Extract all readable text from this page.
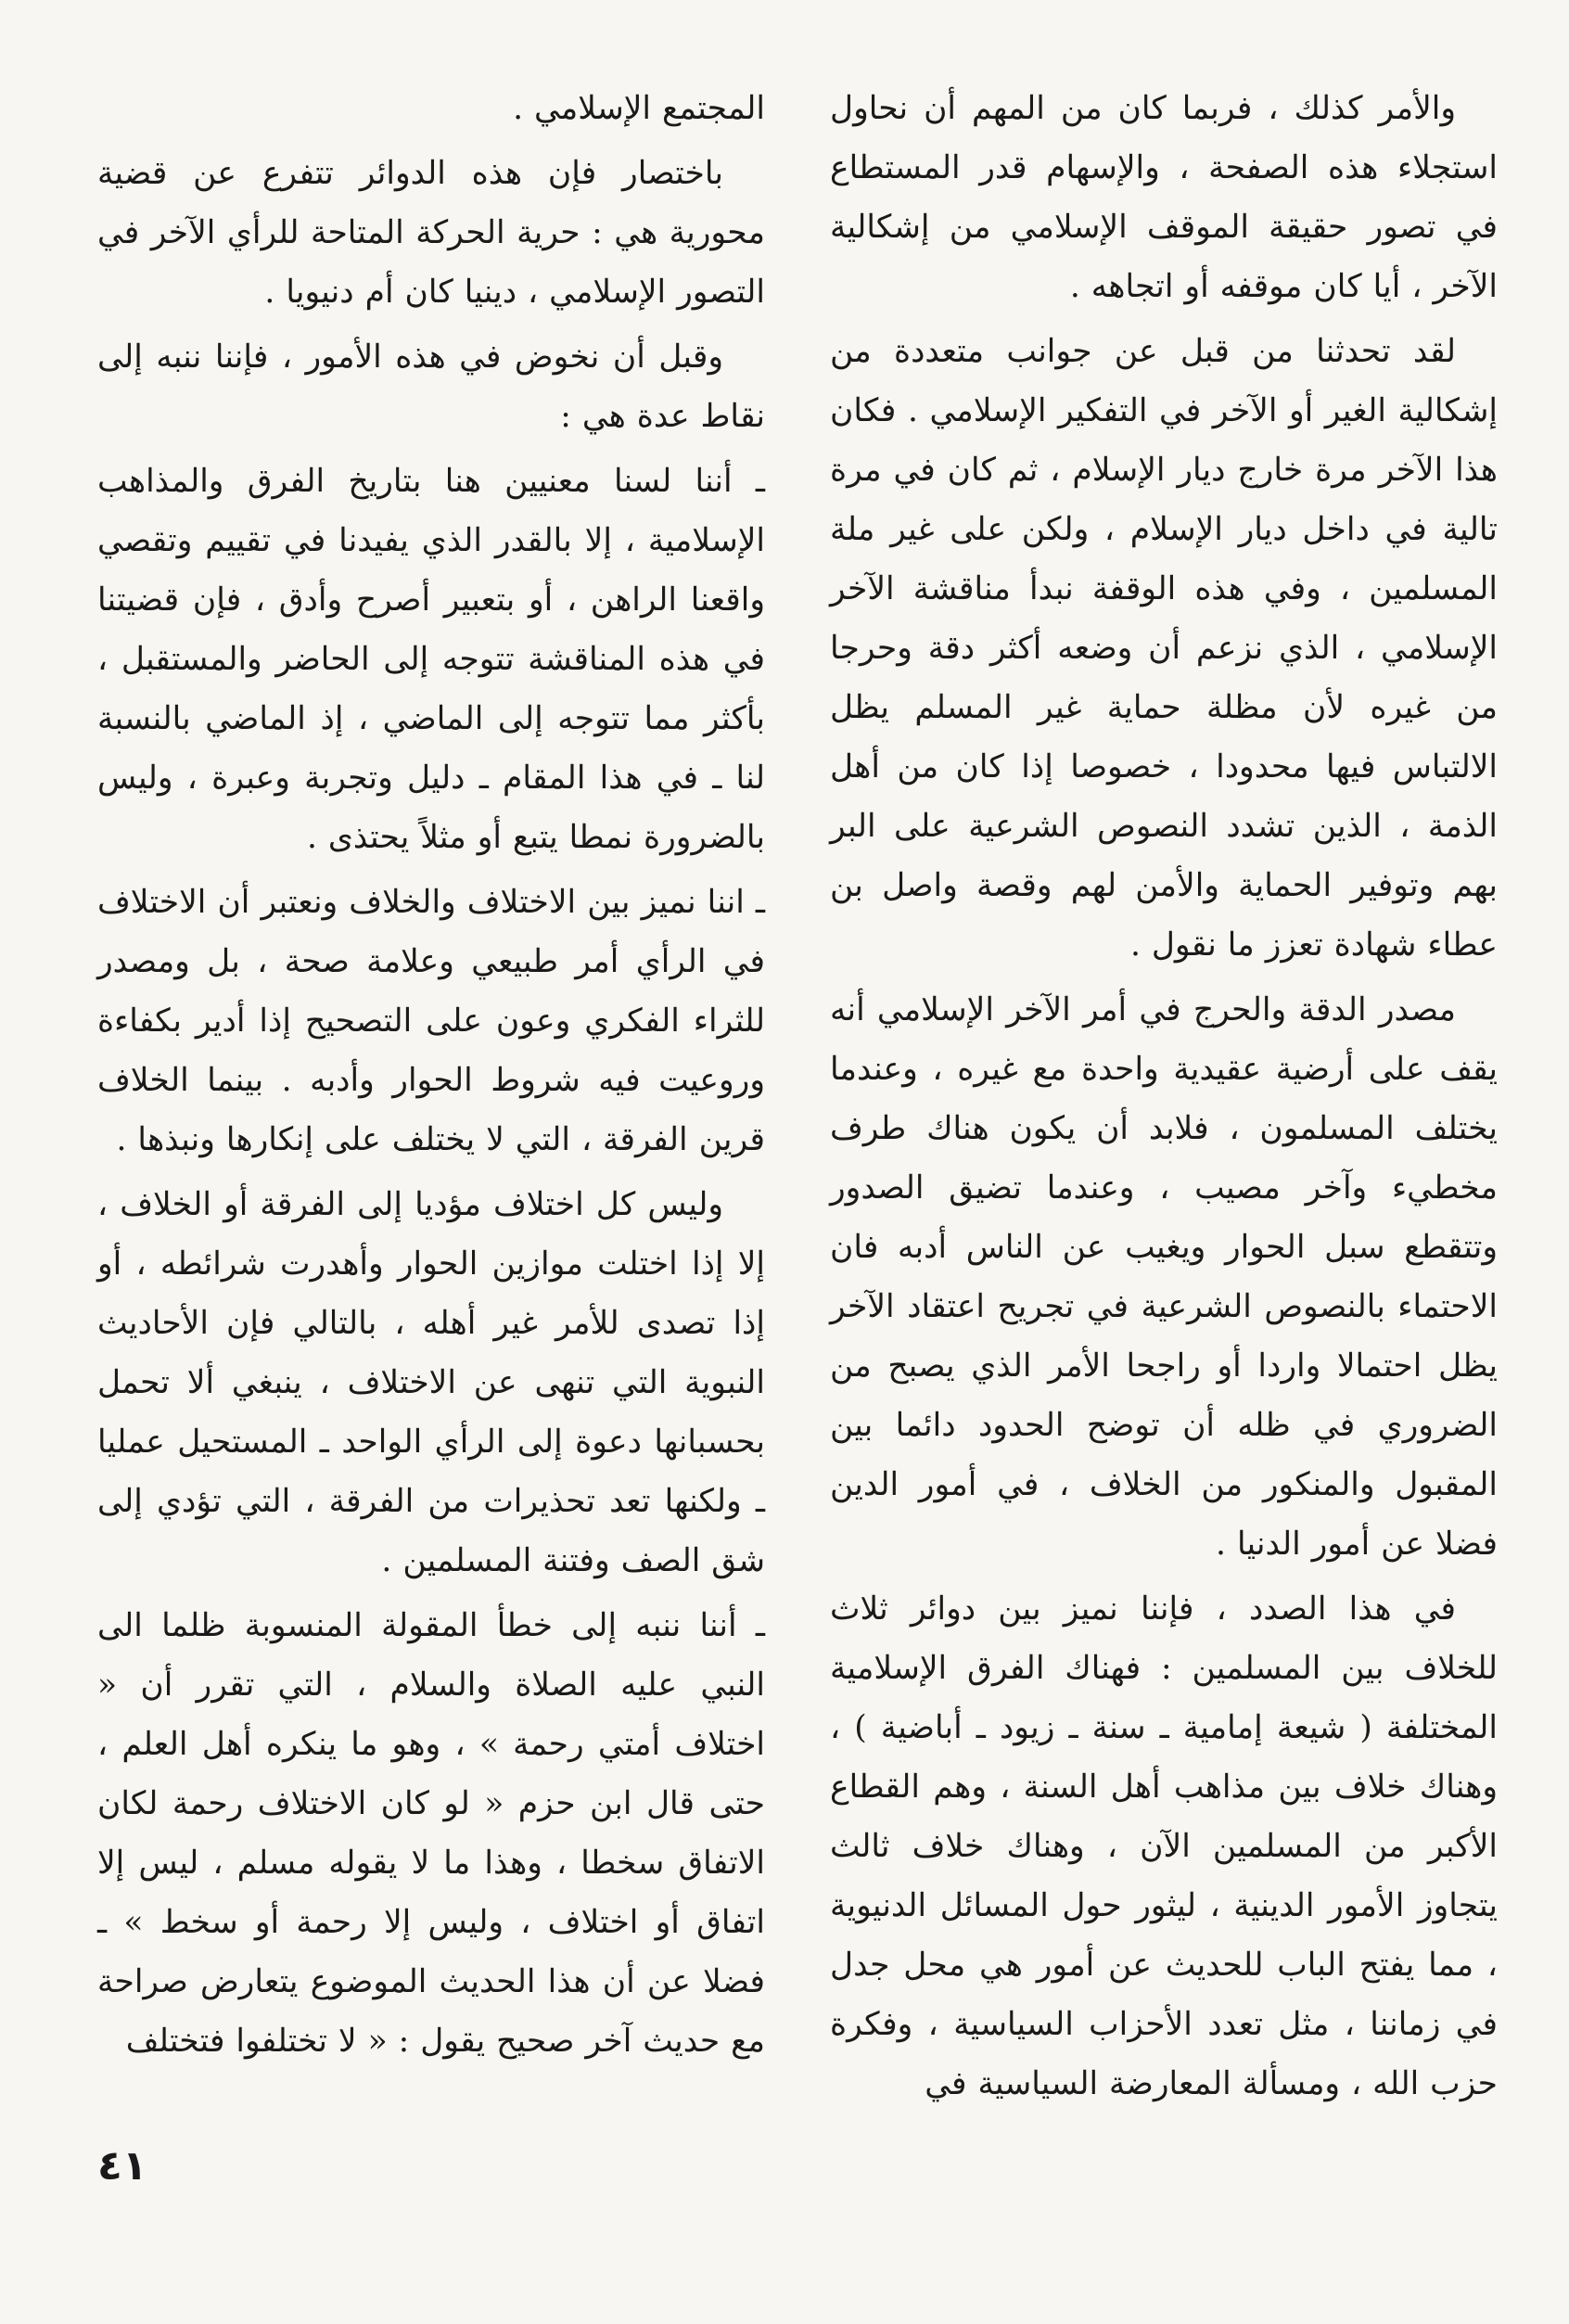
والأمر كذلك ، فربما كان من المهم أن نحاول استجلاء هذه الصفحة ، والإسهام قدر المستطاع في تصور حقيقة الموقف الإسلامي من إشكالية الآخر ، أيا كان موقفه أو اتجاهه .

لقد تحدثنا من قبل عن جوانب متعددة من إشكالية الغير أو الآخر في التفكير الإسلامي . فكان هذا الآخر مرة خارج ديار الإسلام ، ثم كان في مرة تالية في داخل ديار الإسلام ، ولكن على غير ملة المسلمين ، وفي هذه الوقفة نبدأ مناقشة الآخر الإسلامي ، الذي نزعم أن وضعه أكثر دقة وحرجا من غيره لأن مظلة حماية غير المسلم يظل الالتباس فيها محدودا ، خصوصا إذا كان من أهل الذمة ، الذين تشدد النصوص الشرعية على البر بهم وتوفير الحماية والأمن لهم وقصة واصل بن عطاء شهادة تعزز ما نقول .

مصدر الدقة والحرج في أمر الآخر الإسلامي أنه يقف على أرضية عقيدية واحدة مع غيره ، وعندما يختلف المسلمون ، فلابد أن يكون هناك طرف مخطيء وآخر مصيب ، وعندما تضيق الصدور وتتقطع سبل الحوار ويغيب عن الناس أدبه فان الاحتماء بالنصوص الشرعية في تجريح اعتقاد الآخر يظل احتمالا واردا أو راجحا الأمر الذي يصبح من الضروري في ظله أن توضح الحدود دائما بين المقبول والمنكور من الخلاف ، في أمور الدين فضلا عن أمور الدنيا .

في هذا الصدد ، فإننا نميز بين دوائر ثلاث للخلاف بين المسلمين : فهناك الفرق الإسلامية المختلفة ( شيعة إمامية ـ سنة ـ زيود ـ أباضية ) ، وهناك خلاف بين مذاهب أهل السنة ، وهم القطاع الأكبر من المسلمين الآن ، وهناك خلاف ثالث يتجاوز الأمور الدينية ، ليثور حول المسائل الدنيوية ، مما يفتح الباب للحديث عن أمور هي محل جدل في زماننا ، مثل تعدد الأحزاب السياسية ، وفكرة حزب الله ، ومسألة المعارضة السياسية في

المجتمع الإسلامي .

باختصار فإن هذه الدوائر تتفرع عن قضية محورية هي : حرية الحركة المتاحة للرأي الآخر في التصور الإسلامي ، دينيا كان أم دنيويا .

وقبل أن نخوض في هذه الأمور ، فإننا ننبه إلى نقاط عدة هي :

ـ أننا لسنا معنيين هنا بتاريخ الفرق والمذاهب الإسلامية ، إلا بالقدر الذي يفيدنا في تقييم وتقصي واقعنا الراهن ، أو بتعبير أصرح وأدق ، فإن قضيتنا في هذه المناقشة تتوجه إلى الحاضر والمستقبل ، بأكثر مما تتوجه إلى الماضي ، إذ الماضي بالنسبة لنا ـ في هذا المقام ـ دليل وتجربة وعبرة ، وليس بالضرورة نمطا يتبع أو مثلاً يحتذى .

ـ اننا نميز بين الاختلاف والخلاف ونعتبر أن الاختلاف في الرأي أمر طبيعي وعلامة صحة ، بل ومصدر للثراء الفكري وعون على التصحيح إذا أدير بكفاءة وروعيت فيه شروط الحوار وأدبه . بينما الخلاف قرين الفرقة ، التي لا يختلف على إنكارها ونبذها .

وليس كل اختلاف مؤديا إلى الفرقة أو الخلاف ، إلا إذا اختلت موازين الحوار وأهدرت شرائطه ، أو إذا تصدى للأمر غير أهله ، بالتالي فإن الأحاديث النبوية التي تنهى عن الاختلاف ، ينبغي ألا تحمل بحسبانها دعوة إلى الرأي الواحد ـ المستحيل عمليا ـ ولكنها تعد تحذيرات من الفرقة ، التي تؤدي إلى شق الصف وفتنة المسلمين .

ـ أننا ننبه إلى خطأ المقولة المنسوبة ظلما الى النبي عليه الصلاة والسلام ، التي تقرر أن « اختلاف أمتي رحمة » ، وهو ما ينكره أهل العلم ، حتى قال ابن حزم « لو كان الاختلاف رحمة لكان الاتفاق سخطا ، وهذا ما لا يقوله مسلم ، ليس إلا اتفاق أو اختلاف ، وليس إلا رحمة أو سخط » ـ فضلا عن أن هذا الحديث الموضوع يتعارض صراحة مع حديث آخر صحيح يقول : « لا تختلفوا فتختلف

٤١
